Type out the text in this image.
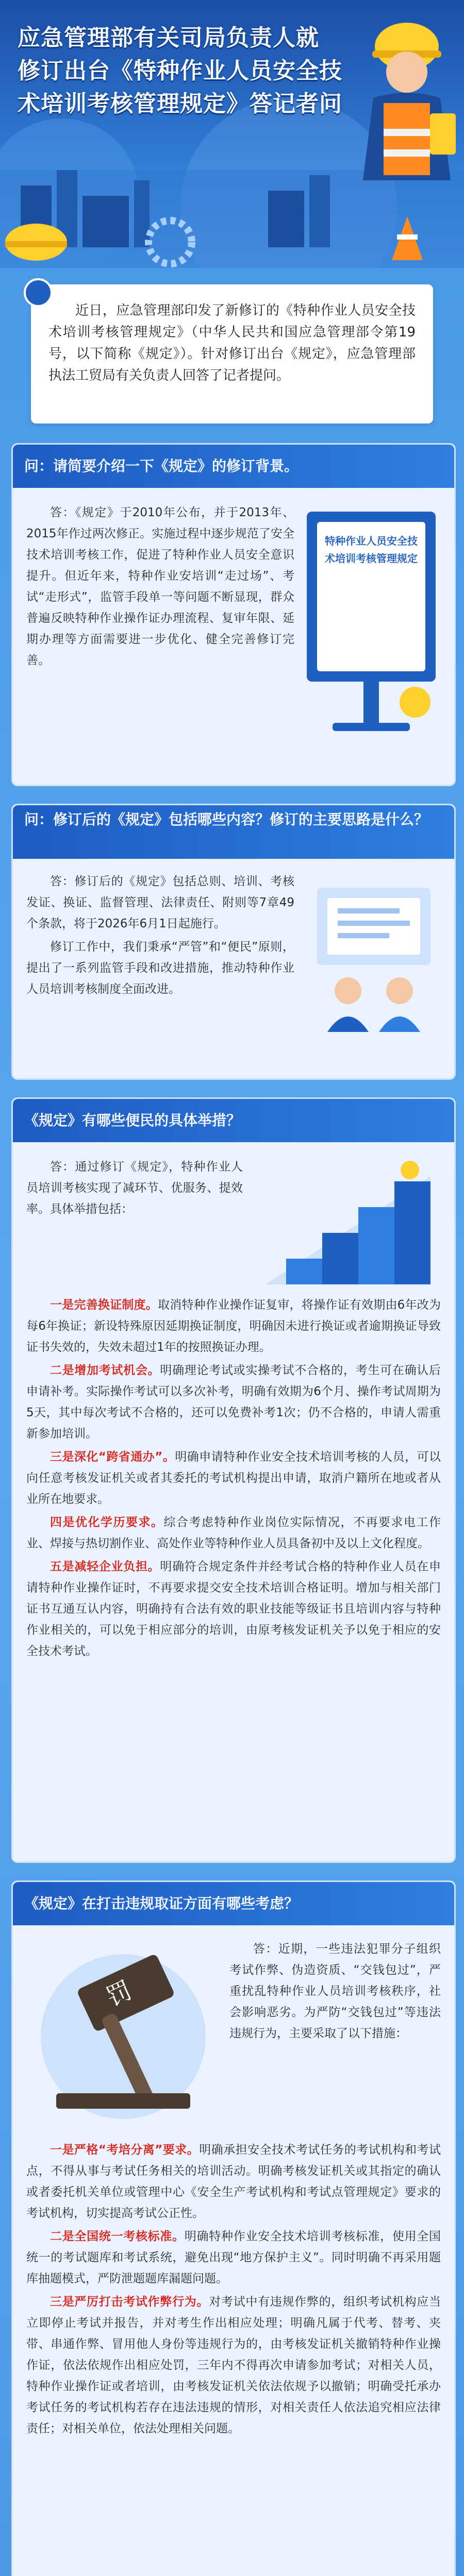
应急管理部有关司局负责人就
修订出台《特种作业人员安全技
术培训考核管理规定》答记者问

近日，应急管理部印发了新修订的《特种作业人员安全技术培训考核管理规定》（中华人民共和国应急管理部令第19号，以下简称《规定》）。针对修订出台《规定》，应急管理部执法工贸局有关负责人回答了记者提问。

问：请简要介绍一下《规定》的修订背景。

答：《规定》于2010年公布，并于2013年、2015年作过两次修正。实施过程中逐步规范了安全技术培训考核工作，促进了特种作业人员安全意识提升。但近年来，特种作业安培训“走过场”、考试“走形式”，监管手段单一等问题不断显现，群众普遍反映特种作业操作证办理流程、复审年限、延期办理等方面需要进一步优化、健全完善修订完善。

特种作业人员安全技术培训考核管理规定
问：修订后的《规定》包括哪些内容？修订的主要思路是什么？

答：修订后的《规定》包括总则、培训、考核发证、换证、监督管理、法律责任、附则等7章49个条款，将于2026年6月1日起施行。

修订工作中，我们秉承“严管”和“便民”原则，提出了一系列监管手段和改进措施，推动特种作业人员培训考核制度全面改进。

《规定》有哪些便民的具体举措？

答：通过修订《规定》，特种作业人员培训考核实现了减环节、优服务、提效率。具体举措包括：

一是完善换证制度。取消特种作业操作证复审，将操作证有效期由6年改为每6年换证；新设特殊原因延期换证制度，明确因未进行换证或者逾期换证导致证书失效的，失效未超过1年的按照换证办理。

二是增加考试机会。明确理论考试或实操考试不合格的，考生可在确认后申请补考。实际操作考试可以多次补考，明确有效期为6个月、操作考试周期为5天，其中每次考试不合格的，还可以免费补考1次；仍不合格的，申请人需重新参加培训。

三是深化“跨省通办”。明确申请特种作业安全技术培训考核的人员，可以向任意考核发证机关或者其委托的考试机构提出申请，取消户籍所在地或者从业所在地要求。

四是优化学历要求。综合考虑特种作业岗位实际情况，不再要求电工作业、焊接与热切割作业、高处作业等特种作业人员具备初中及以上文化程度。

五是减轻企业负担。明确符合规定条件并经考试合格的特种作业人员在申请特种作业操作证时，不再要求提交安全技术培训合格证明。增加与相关部门证书互通互认内容，明确持有合法有效的职业技能等级证书且培训内容与特种作业相关的，可以免于相应部分的培训，由原考核发证机关予以免于相应的安全技术考试。

《规定》在打击违规取证方面有哪些考虑？
罚

答：近期，一些违法犯罪分子组织考试作弊、伪造资质、“交钱包过”，严重扰乱特种作业人员培训考核秩序，社会影响恶劣。为严防“交钱包过”等违法违规行为，主要采取了以下措施：

一是严格“考培分离”要求。明确承担安全技术考试任务的考试机构和考试点，不得从事与考试任务相关的培训活动。明确考核发证机关或其指定的确认或者委托机关单位或管理中心《安全生产考试机构和考试点管理规定》要求的考试机构，切实提高考试公正性。

二是全国统一考核标准。明确特种作业安全技术培训考核标准，使用全国统一的考试题库和考试系统，避免出现“地方保护主义”。同时明确不再采用题库抽题模式，严防泄题题库漏题问题。

三是严厉打击考试作弊行为。对考试中有违规作弊的，组织考试机构应当立即停止考试并报告，并对考生作出相应处理；明确凡属于代考、替考、夹带、串通作弊、冒用他人身份等违规行为的，由考核发证机关撤销特种作业操作证，依法依规作出相应处罚，三年内不得再次申请参加考试；对相关人员，特种作业操作证或者培训，由考核发证机关依法依规予以撤销；明确受托承办考试任务的考试机构若存在违法违规的情形，对相关责任人依法追究相应法律责任；对相关单位，依法处理相关问题。
